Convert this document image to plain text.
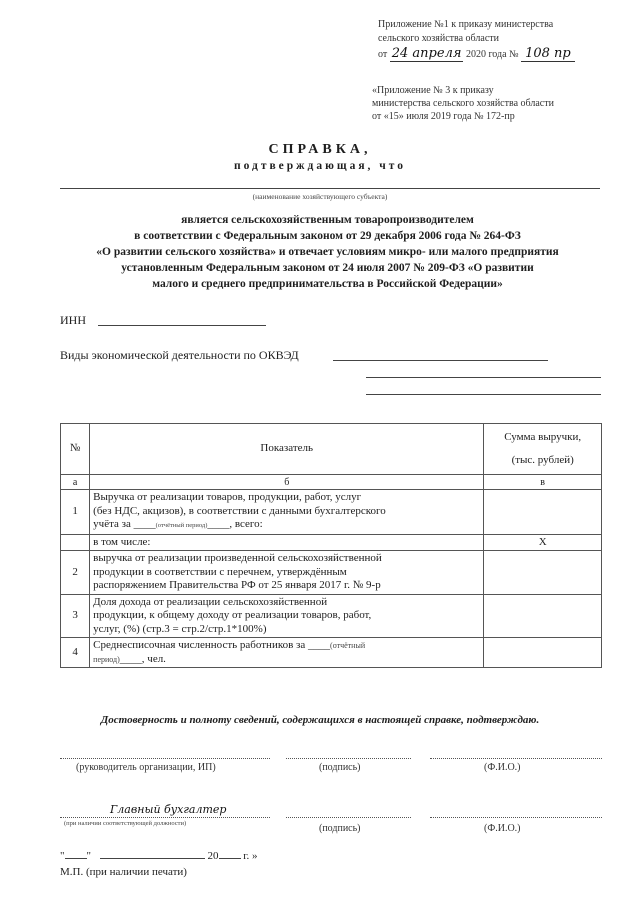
Приложение №1 к приказу министерства
сельского хозяйства области
от 24 апреля 2020 года № 108 пр
«Приложение № 3 к приказу
министерства сельского хозяйства области
от «15» июля 2019 года № 172-пр
СПРАВКА,
подтверждающая, что
(наименование хозяйствующего субъекта)
является сельскохозяйственным товаропроизводителем
в соответствии с Федеральным законом от 29 декабря 2006 года № 264-ФЗ
«О развитии сельского хозяйства» и отвечает условиям микро- или малого предприятия
установленным Федеральным законом от 24 июля 2007 № 209-ФЗ «О развитии
малого и среднего предпринимательства в Российской Федерации»
ИНН
Виды экономической деятельности по ОКВЭД
№	Показатель	Сумма выручки,
(тыс. рублей)

а	б	в
1	Выручка от реализации товаров, продукции, работ, услуг
(без НДС, акцизов), в соответствии с данными бухгалтерского
учёта за ____(отчётный период)____, всего:	

	в том числе:	Х
2	выручка от реализации произведенной сельскохозяйственной
продукции в соответствии с перечнем, утверждённым
распоряжением Правительства РФ от 25 января 2017 г. № 9-р	

3	Доля дохода от реализации сельскохозяйственной
продукции, к общему доходу от реализации товаров, работ,
услуг, (%) (стр.3 = стр.2/стр.1*100%)	

4	Среднесписочная численность работников за ____(отчётный
период)____, чел.	

Достоверность и полноту сведений, содержащихся в настоящей справке, подтверждаю.
(руководитель организации, ИП)	(подпись)	(Ф.И.О.)
Главный бухгалтер
(при наличии соответствующей должности)	(подпись)	(Ф.И.О.)
" "	20 г. »
М.П. (при наличии печати)
